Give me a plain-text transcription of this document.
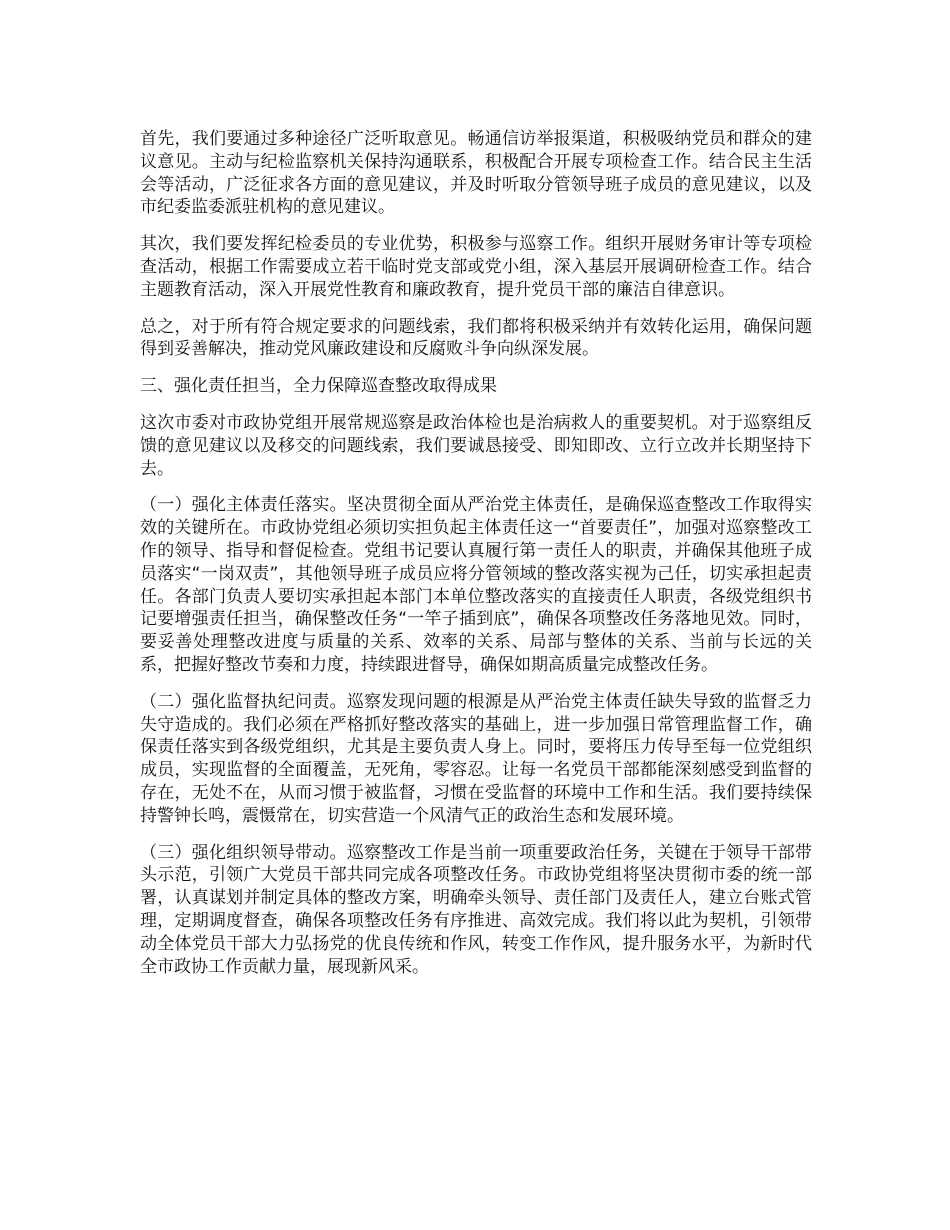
首先，我们要通过多种途径广泛听取意见。畅通信访举报渠道，积极吸纳党员和群众的建议意见。主动与纪检监察机关保持沟通联系，积极配合开展专项检查工作。结合民主生活会等活动，广泛征求各方面的意见建议，并及时听取分管领导班子成员的意见建议，以及市纪委监委派驻机构的意见建议。

其次，我们要发挥纪检委员的专业优势，积极参与巡察工作。组织开展财务审计等专项检查活动，根据工作需要成立若干临时党支部或党小组，深入基层开展调研检查工作。结合主题教育活动，深入开展党性教育和廉政教育，提升党员干部的廉洁自律意识。

总之，对于所有符合规定要求的问题线索，我们都将积极采纳并有效转化运用，确保问题得到妥善解决，推动党风廉政建设和反腐败斗争向纵深发展。

三、强化责任担当，全力保障巡查整改取得成果

这次市委对市政协党组开展常规巡察是政治体检也是治病救人的重要契机。对于巡察组反馈的意见建议以及移交的问题线索，我们要诚恳接受、即知即改、立行立改并长期坚持下去。

（一）强化主体责任落实。坚决贯彻全面从严治党主体责任，是确保巡查整改工作取得实效的关键所在。市政协党组必须切实担负起主体责任这一“首要责任”，加强对巡察整改工作的领导、指导和督促检查。党组书记要认真履行第一责任人的职责，并确保其他班子成员落实“一岗双责”，其他领导班子成员应将分管领域的整改落实视为己任，切实承担起责任。各部门负责人要切实承担起本部门本单位整改落实的直接责任人职责，各级党组织书记要增强责任担当，确保整改任务“一竿子插到底”，确保各项整改任务落地见效。同时，要妥善处理整改进度与质量的关系、效率的关系、局部与整体的关系、当前与长远的关系，把握好整改节奏和力度，持续跟进督导，确保如期高质量完成整改任务。

（二）强化监督执纪问责。巡察发现问题的根源是从严治党主体责任缺失导致的监督乏力失守造成的。我们必须在严格抓好整改落实的基础上，进一步加强日常管理监督工作，确保责任落实到各级党组织，尤其是主要负责人身上。同时，要将压力传导至每一位党组织成员，实现监督的全面覆盖，无死角，零容忍。让每一名党员干部都能深刻感受到监督的存在，无处不在，从而习惯于被监督，习惯在受监督的环境中工作和生活。我们要持续保持警钟长鸣，震慑常在，切实营造一个风清气正的政治生态和发展环境。

（三）强化组织领导带动。巡察整改工作是当前一项重要政治任务，关键在于领导干部带头示范，引领广大党员干部共同完成各项整改任务。市政协党组将坚决贯彻市委的统一部署，认真谋划并制定具体的整改方案，明确牵头领导、责任部门及责任人，建立台账式管理，定期调度督查，确保各项整改任务有序推进、高效完成。我们将以此为契机，引领带动全体党员干部大力弘扬党的优良传统和作风，转变工作作风，提升服务水平，为新时代全市政协工作贡献力量，展现新风采。
